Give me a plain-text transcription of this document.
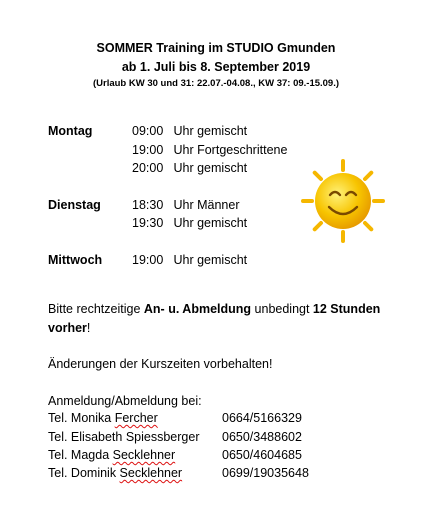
SOMMER Training im STUDIO Gmunden
ab 1. Juli bis 8. September 2019
(Urlaub KW 30 und 31: 22.07.-04.08., KW 37: 09.-15.09.)
Montag	09:00 Uhr gemischt
19:00 Uhr Fortgeschrittene
20:00 Uhr gemischt
Dienstag 18:30 Uhr Männer
19:30 Uhr gemischt
Mittwoch 19:00 Uhr gemischt
Bitte rechtzeitige An- u. Abmeldung unbedingt 12 Stunden vorher!
Änderungen der Kurszeiten vorbehalten!
Anmeldung/Abmeldung bei:
Tel. Monika Fercher	0664/5166329
Tel. Elisabeth Spiessberger 0650/3488602
Tel. Magda Secklehner	0650/4604685
Tel. Dominik Secklehner	0699/19035648
